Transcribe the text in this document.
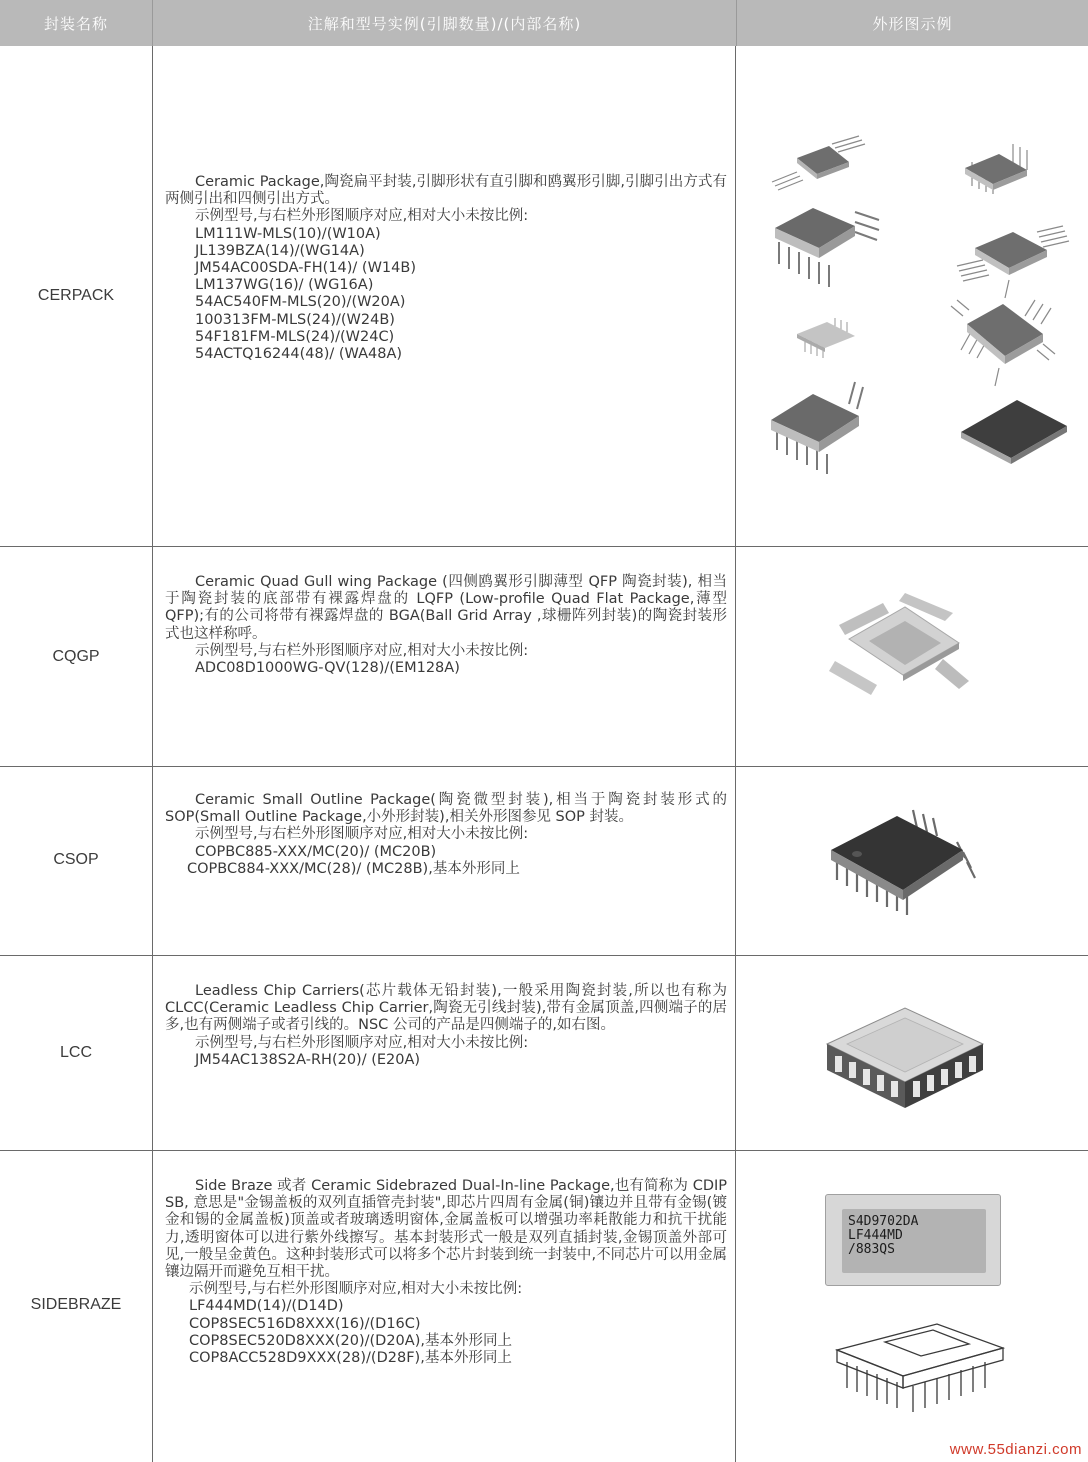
封装名称	注解和型号实例(引脚数量)/(内部名称)	外形图示例
CERPACK

Ceramic Package,陶瓷扁平封装,引脚形状有直引脚和鸥翼形引脚,引脚引出方式有两侧引出和四侧引出方式。

示例型号,与右栏外形图顺序对应,相对大小未按比例:
LM111W-MLS(10)/(W10A)
JL139BZA(14)/(WG14A)
JM54AC00SDA-FH(14)/ (W14B)
LM137WG(16)/ (WG16A)
54AC540FM-MLS(20)/(W20A)
100313FM-MLS(24)/(W24B)
54F181FM-MLS(24)/(W24C)
54ACTQ16244(48)/ (WA48A)
CQGP

Ceramic Quad Gull wing Package (四侧鸥翼形引脚薄型 QFP 陶瓷封装), 相当于陶瓷封装的底部带有裸露焊盘的 LQFP (Low-profile Quad Flat Package,薄型 QFP);有的公司将带有裸露焊盘的 BGA(Ball Grid Array ,球栅阵列封装)的陶瓷封装形式也这样称呼。

示例型号,与右栏外形图顺序对应,相对大小未按比例:
ADC08D1000WG-QV(128)/(EM128A)
CSOP

Ceramic Small Outline Package(陶瓷微型封装),相当于陶瓷封装形式的 SOP(Small Outline Package,小外形封装),相关外形图参见 SOP 封装。

示例型号,与右栏外形图顺序对应,相对大小未按比例:
COPBC885-XXX/MC(20)/ (MC20B)
COPBC884-XXX/MC(28)/ (MC28B),基本外形同上
LCC

Leadless Chip Carriers(芯片载体无铅封装),一般采用陶瓷封装,所以也有称为 CLCC(Ceramic Leadless Chip Carrier,陶瓷无引线封装),带有金属顶盖,四侧端子的居多,也有两侧端子或者引线的。NSC 公司的产品是四侧端子的,如右图。

示例型号,与右栏外形图顺序对应,相对大小未按比例:
JM54AC138S2A-RH(20)/ (E20A)
SIDEBRAZE

Side Braze 或者 Ceramic Sidebrazed Dual-In-line Package,也有简称为 CDIP SB, 意思是"金锡盖板的双列直插管壳封装",即芯片四周有金属(铜)镶边并且带有金锡(镀金和锡的金属盖板)顶盖或者玻璃透明窗体,金属盖板可以增强功率耗散能力和抗干扰能力,透明窗体可以进行紫外线擦写。基本封装形式一般是双列直插封装,金锡顶盖外部可见,一般呈金黄色。这种封装形式可以将多个芯片封装到统一封装中,不同芯片可以用金属镶边隔开而避免互相干扰。

示例型号,与右栏外形图顺序对应,相对大小未按比例:
LF444MD(14)/(D14D)
COP8SEC516D8XXX(16)/(D16C)
COP8SEC520D8XXX(20)/(D20A),基本外形同上
COP8ACC528D9XXX(28)/(D28F),基本外形同上
S4D9702DA
LF444MD
/883QS
www.55dianzi.com
